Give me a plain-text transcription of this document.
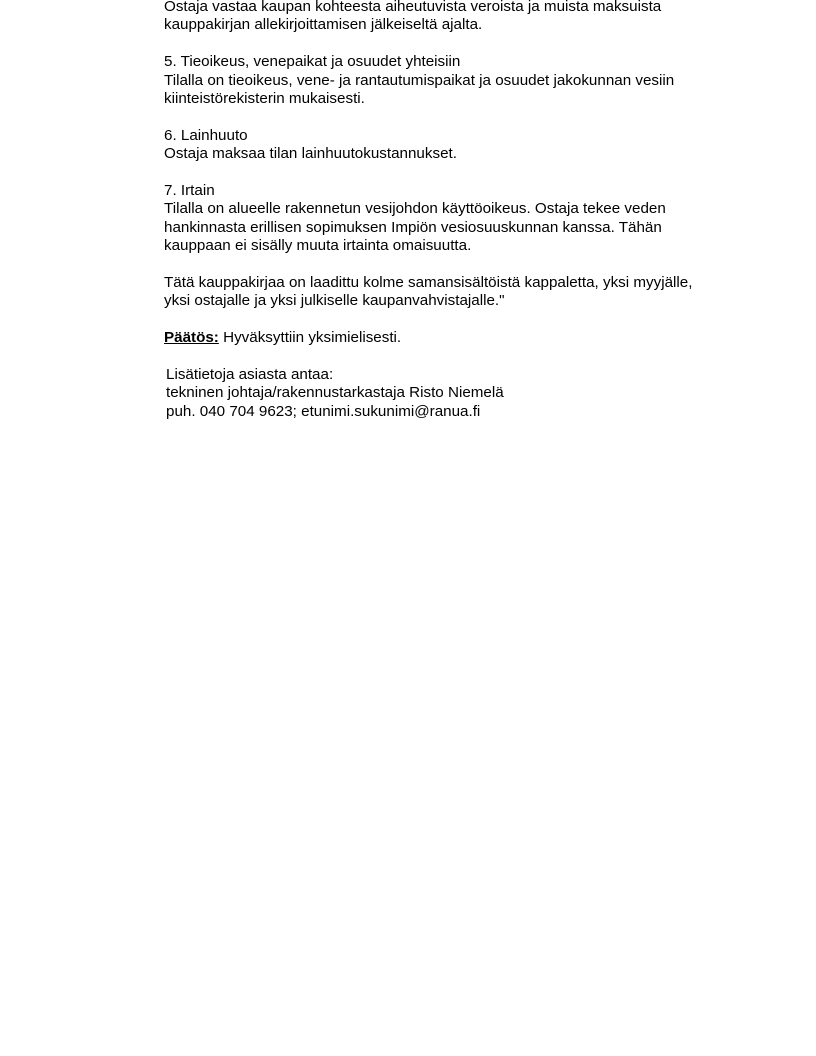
Ostaja vastaa kaupan kohteesta aiheutuvista veroista ja muista maksuista
kauppakirjan allekirjoittamisen jälkeiseltä ajalta.
5. Tieoikeus, venepaikat ja osuudet yhteisiin
Tilalla on tieoikeus, vene- ja rantautumispaikat ja osuudet jakokunnan vesiin
kiinteistörekisterin mukaisesti.
6. Lainhuuto
Ostaja maksaa tilan lainhuutokustannukset.
7. Irtain
Tilalla on alueelle rakennetun vesijohdon käyttöoikeus. Ostaja tekee veden
hankinnasta erillisen sopimuksen Impiön vesiosuuskunnan kanssa. Tähän
kauppaan ei sisälly muuta irtainta omaisuutta.
Tätä kauppakirjaa on laadittu kolme samansisältöistä kappaletta, yksi myyjälle,
yksi ostajalle ja yksi julkiselle kaupanvahvistajalle."
Päätös: Hyväksyttiin yksimielisesti.
Lisätietoja asiasta antaa:
tekninen johtaja/rakennustarkastaja Risto Niemelä
puh. 040 704 9623; etunimi.sukunimi@ranua.fi
